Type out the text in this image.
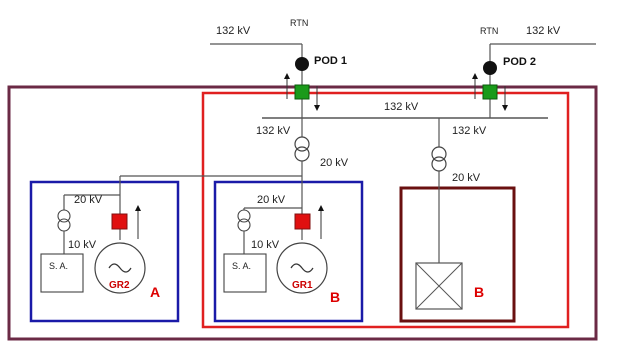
132 kV
RTN
RTN	132 kV
POD 1	POD 2
132 kV
132 kV
20 kV
132 kV
20 kV
B
S. A.
GR2
20 kV
10 kV
A
S. A.
GR1
20 kV
10 kV
B
